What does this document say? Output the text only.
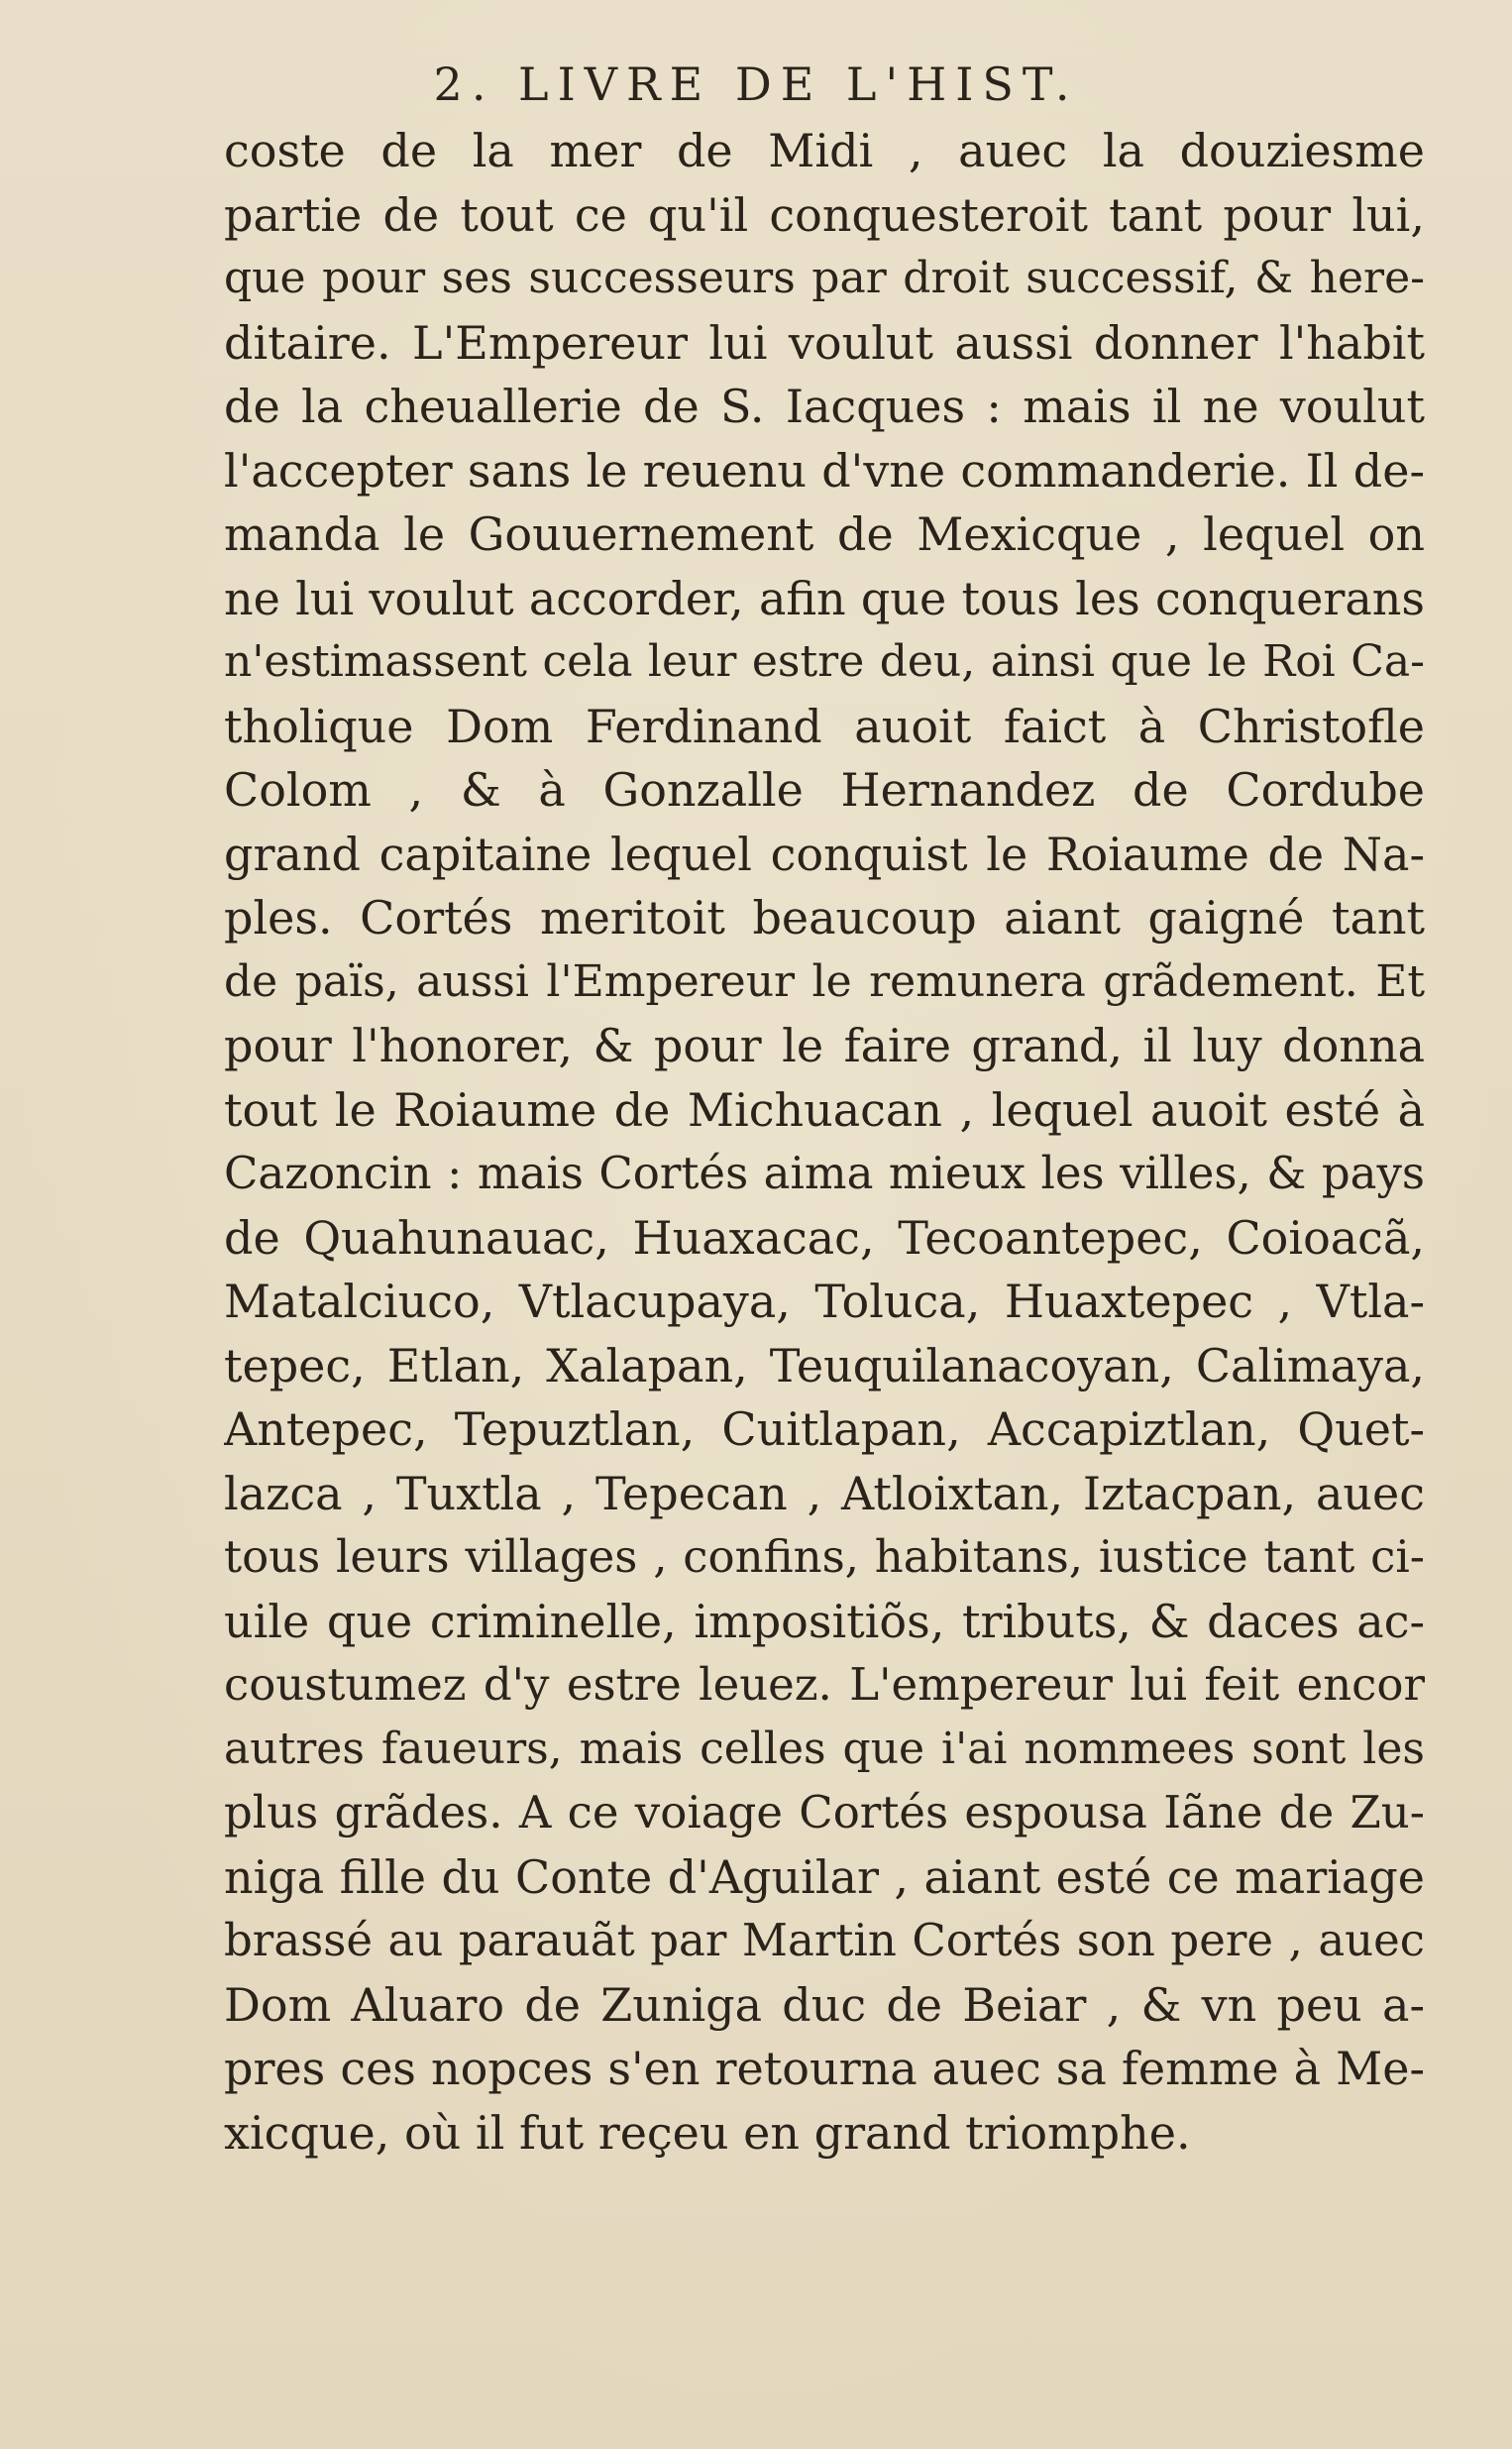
2. LIVRE DE L'HIST.
coste de la mer de Midi , auec la douziesme
partie de tout ce qu'il conquesteroit tant pour lui,
que pour ses successeurs par droit successif, & here-
ditaire. L'Empereur lui voulut aussi donner l'habit
de la cheuallerie de S. Iacques : mais il ne voulut
l'accepter sans le reuenu d'vne commanderie. Il de-
manda le Gouuernement de Mexicque , lequel on
ne lui voulut accorder, afin que tous les conquerans
n'estimassent cela leur estre deu, ainsi que le Roi Ca-
tholique Dom Ferdinand auoit faict à Christofle
Colom , & à Gonzalle Hernandez de Cordube
grand capitaine lequel conquist le Roiaume de Na-
ples. Cortés meritoit beaucoup aiant gaigné tant
de païs, aussi l'Empereur le remunera grãdement. Et
pour l'honorer, & pour le faire grand, il luy donna
tout le Roiaume de Michuacan , lequel auoit esté à
Cazoncin : mais Cortés aima mieux les villes, & pays
de Quahunauac, Huaxacac, Tecoantepec, Coioacã,
Matalciuco, Vtlacupaya, Toluca, Huaxtepec , Vtla-
tepec, Etlan, Xalapan, Teuquilanacoyan, Calimaya,
Antepec, Tepuztlan, Cuitlapan, Accapiztlan, Quet-
lazca , Tuxtla , Tepecan , Atloixtan, Iztacpan, auec
tous leurs villages , confins, habitans, iustice tant ci-
uile que criminelle, impositiõs, tributs, & daces ac-
coustumez d'y estre leuez. L'empereur lui feit encor
autres faueurs, mais celles que i'ai nommees sont les
plus grãdes. A ce voiage Cortés espousa Iãne de Zu-
niga fille du Conte d'Aguilar , aiant esté ce mariage
brassé au parauãt par Martin Cortés son pere , auec
Dom Aluaro de Zuniga duc de Beiar , & vn peu a-
pres ces nopces s'en retourna auec sa femme à Me-
xicque, où il fut reçeu en grand triomphe.
